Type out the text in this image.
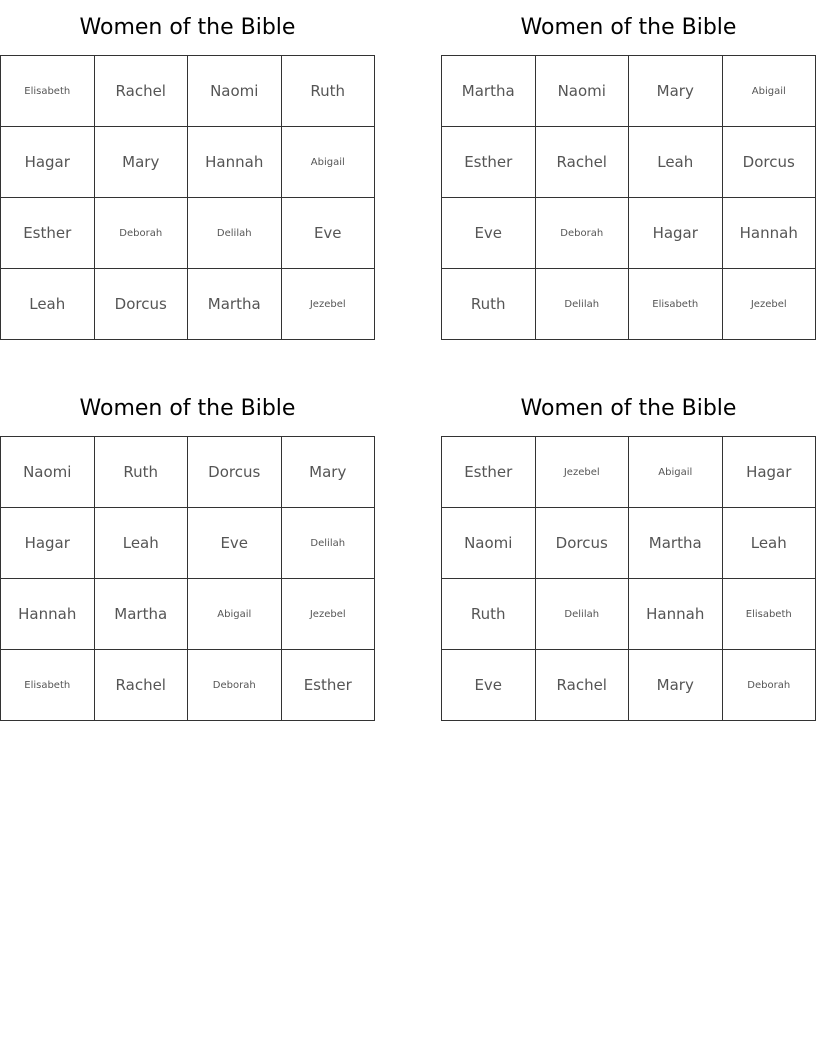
Women of the Bible
Elisabeth	Rachel	Naomi	Ruth
Hagar	Mary	Hannah	Abigail
Esther	Deborah	Delilah	Eve
Leah	Dorcus	Martha	Jezebel
Women of the Bible
Martha	Naomi	Mary	Abigail
Esther	Rachel	Leah	Dorcus
Eve	Deborah	Hagar	Hannah
Ruth	Delilah	Elisabeth	Jezebel
Women of the Bible
Naomi	Ruth	Dorcus	Mary
Hagar	Leah	Eve	Delilah
Hannah	Martha	Abigail	Jezebel
Elisabeth	Rachel	Deborah	Esther
Women of the Bible
Esther	Jezebel	Abigail	Hagar
Naomi	Dorcus	Martha	Leah
Ruth	Delilah	Hannah	Elisabeth
Eve	Rachel	Mary	Deborah
